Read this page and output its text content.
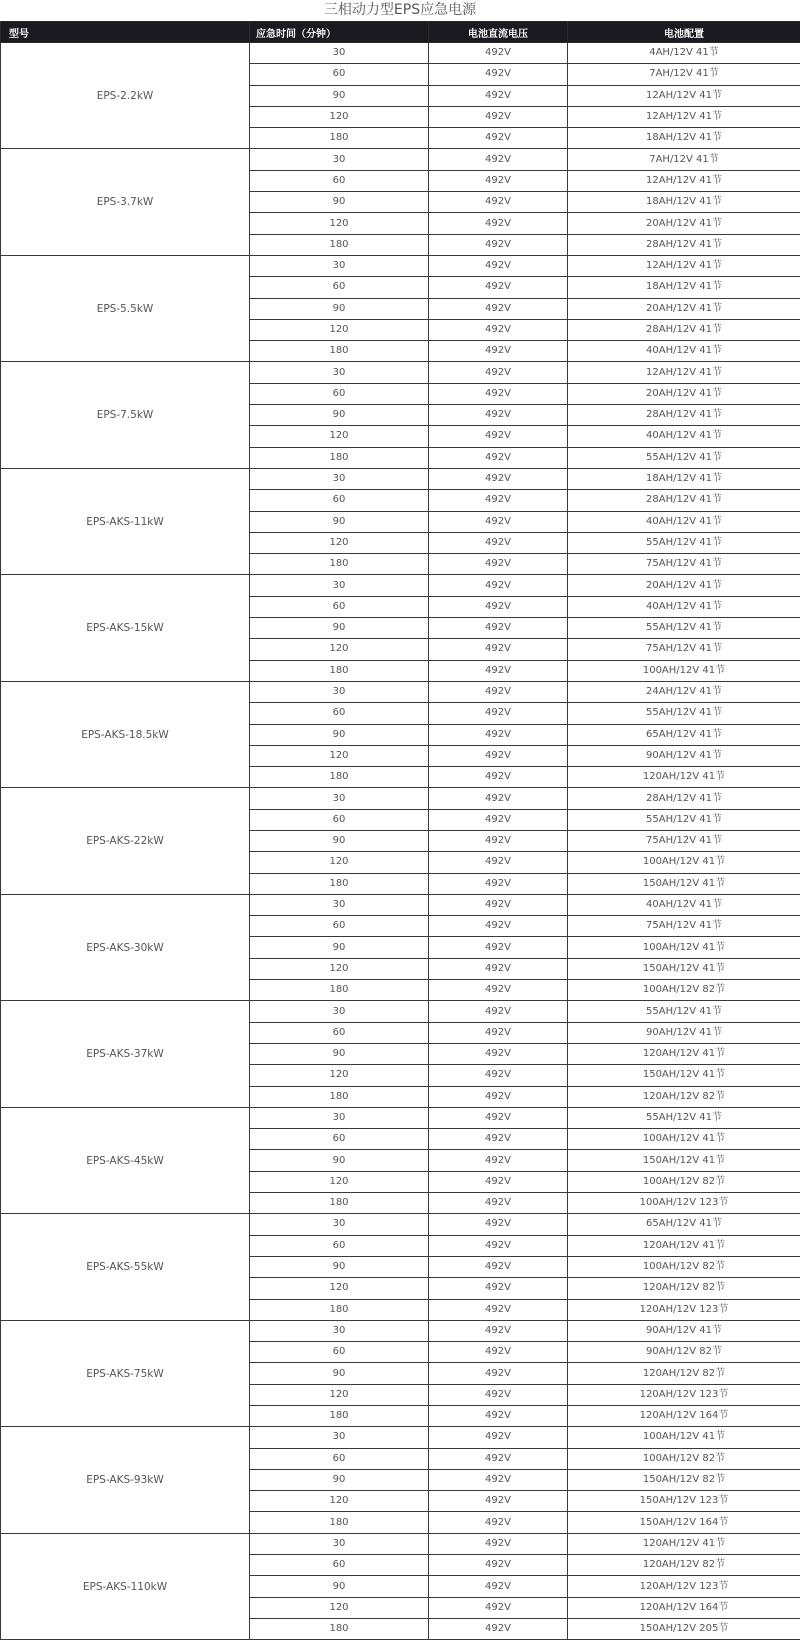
三相动力型EPS应急电源
型号	应急时间（分钟）	电池直流电压	电池配置
EPS-2.2kW	30	492V	4AH/12V 41节
	60	492V	7AH/12V 41节
	90	492V	12AH/12V 41节
	120	492V	12AH/12V 41节
	180	492V	18AH/12V 41节
EPS-3.7kW	30	492V	7AH/12V 41节
	60	492V	12AH/12V 41节
	90	492V	18AH/12V 41节
	120	492V	20AH/12V 41节
	180	492V	28AH/12V 41节
EPS-5.5kW	30	492V	12AH/12V 41节
	60	492V	18AH/12V 41节
	90	492V	20AH/12V 41节
	120	492V	28AH/12V 41节
	180	492V	40AH/12V 41节
EPS-7.5kW	30	492V	12AH/12V 41节
	60	492V	20AH/12V 41节
	90	492V	28AH/12V 41节
	120	492V	40AH/12V 41节
	180	492V	55AH/12V 41节
EPS-AKS-11kW	30	492V	18AH/12V 41节
	60	492V	28AH/12V 41节
	90	492V	40AH/12V 41节
	120	492V	55AH/12V 41节
	180	492V	75AH/12V 41节
EPS-AKS-15kW	30	492V	20AH/12V 41节
	60	492V	40AH/12V 41节
	90	492V	55AH/12V 41节
	120	492V	75AH/12V 41节
	180	492V	100AH/12V 41节
EPS-AKS-18.5kW	30	492V	24AH/12V 41节
	60	492V	55AH/12V 41节
	90	492V	65AH/12V 41节
	120	492V	90AH/12V 41节
	180	492V	120AH/12V 41节
EPS-AKS-22kW	30	492V	28AH/12V 41节
	60	492V	55AH/12V 41节
	90	492V	75AH/12V 41节
	120	492V	100AH/12V 41节
	180	492V	150AH/12V 41节
EPS-AKS-30kW	30	492V	40AH/12V 41节
	60	492V	75AH/12V 41节
	90	492V	100AH/12V 41节
	120	492V	150AH/12V 41节
	180	492V	100AH/12V 82节
EPS-AKS-37kW	30	492V	55AH/12V 41节
	60	492V	90AH/12V 41节
	90	492V	120AH/12V 41节
	120	492V	150AH/12V 41节
	180	492V	120AH/12V 82节
EPS-AKS-45kW	30	492V	55AH/12V 41节
	60	492V	100AH/12V 41节
	90	492V	150AH/12V 41节
	120	492V	100AH/12V 82节
	180	492V	100AH/12V 123节
EPS-AKS-55kW	30	492V	65AH/12V 41节
	60	492V	120AH/12V 41节
	90	492V	100AH/12V 82节
	120	492V	120AH/12V 82节
	180	492V	120AH/12V 123节
EPS-AKS-75kW	30	492V	90AH/12V 41节
	60	492V	90AH/12V 82节
	90	492V	120AH/12V 82节
	120	492V	120AH/12V 123节
	180	492V	120AH/12V 164节
EPS-AKS-93kW	30	492V	100AH/12V 41节
	60	492V	100AH/12V 82节
	90	492V	150AH/12V 82节
	120	492V	150AH/12V 123节
	180	492V	150AH/12V 164节
EPS-AKS-110kW	30	492V	120AH/12V 41节
	60	492V	120AH/12V 82节
	90	492V	120AH/12V 123节
	120	492V	120AH/12V 164节
	180	492V	150AH/12V 205节
